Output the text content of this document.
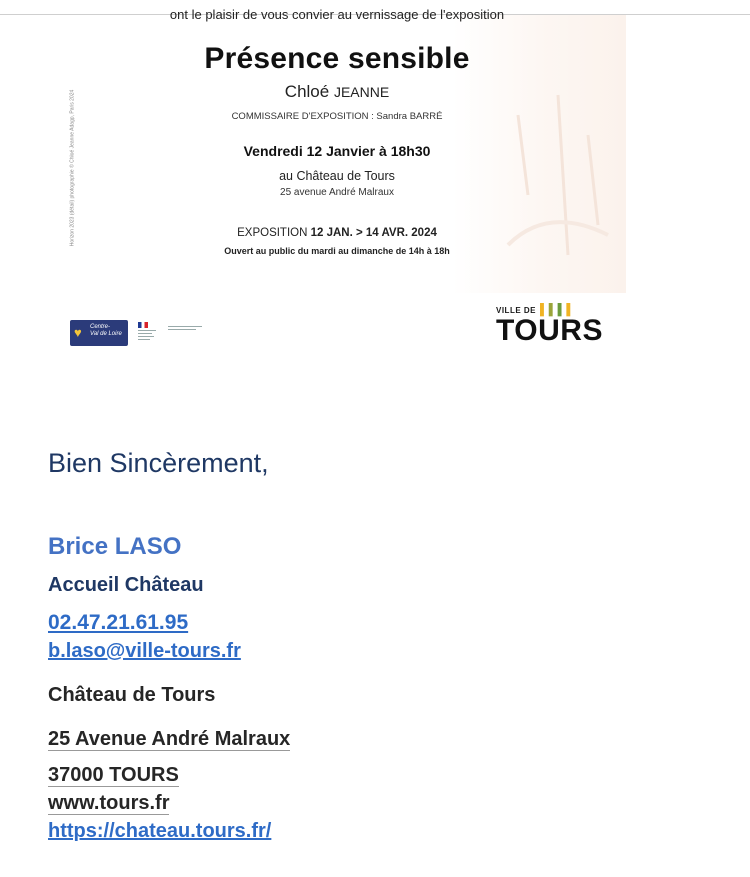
ont le plaisir de vous convier au vernissage de l'exposition
Présence sensible
Chloé JEANNE
COMMISSAIRE D'EXPOSITION : Sandra BARRÉ
Vendredi 12 Janvier à 18h30
au Château de Tours
25 avenue André Malraux
EXPOSITION 12 JAN. > 14 AVR. 2024
Ouvert au public du mardi au dimanche de 14h à 18h
Horizon 2023 (détail) photographie © Chloé Jeanne Adagp, Paris 2024
♥ Centre-
Val de Loire
VILLE DE ▌▌▌▌
TOURS
Bien Sincèrement,
Brice LASO
Accueil Château
02.47.21.61.95
b.laso@ville-tours.fr
Château de Tours
25 Avenue André Malraux
37000 TOURS
www.tours.fr
https://chateau.tours.fr/
